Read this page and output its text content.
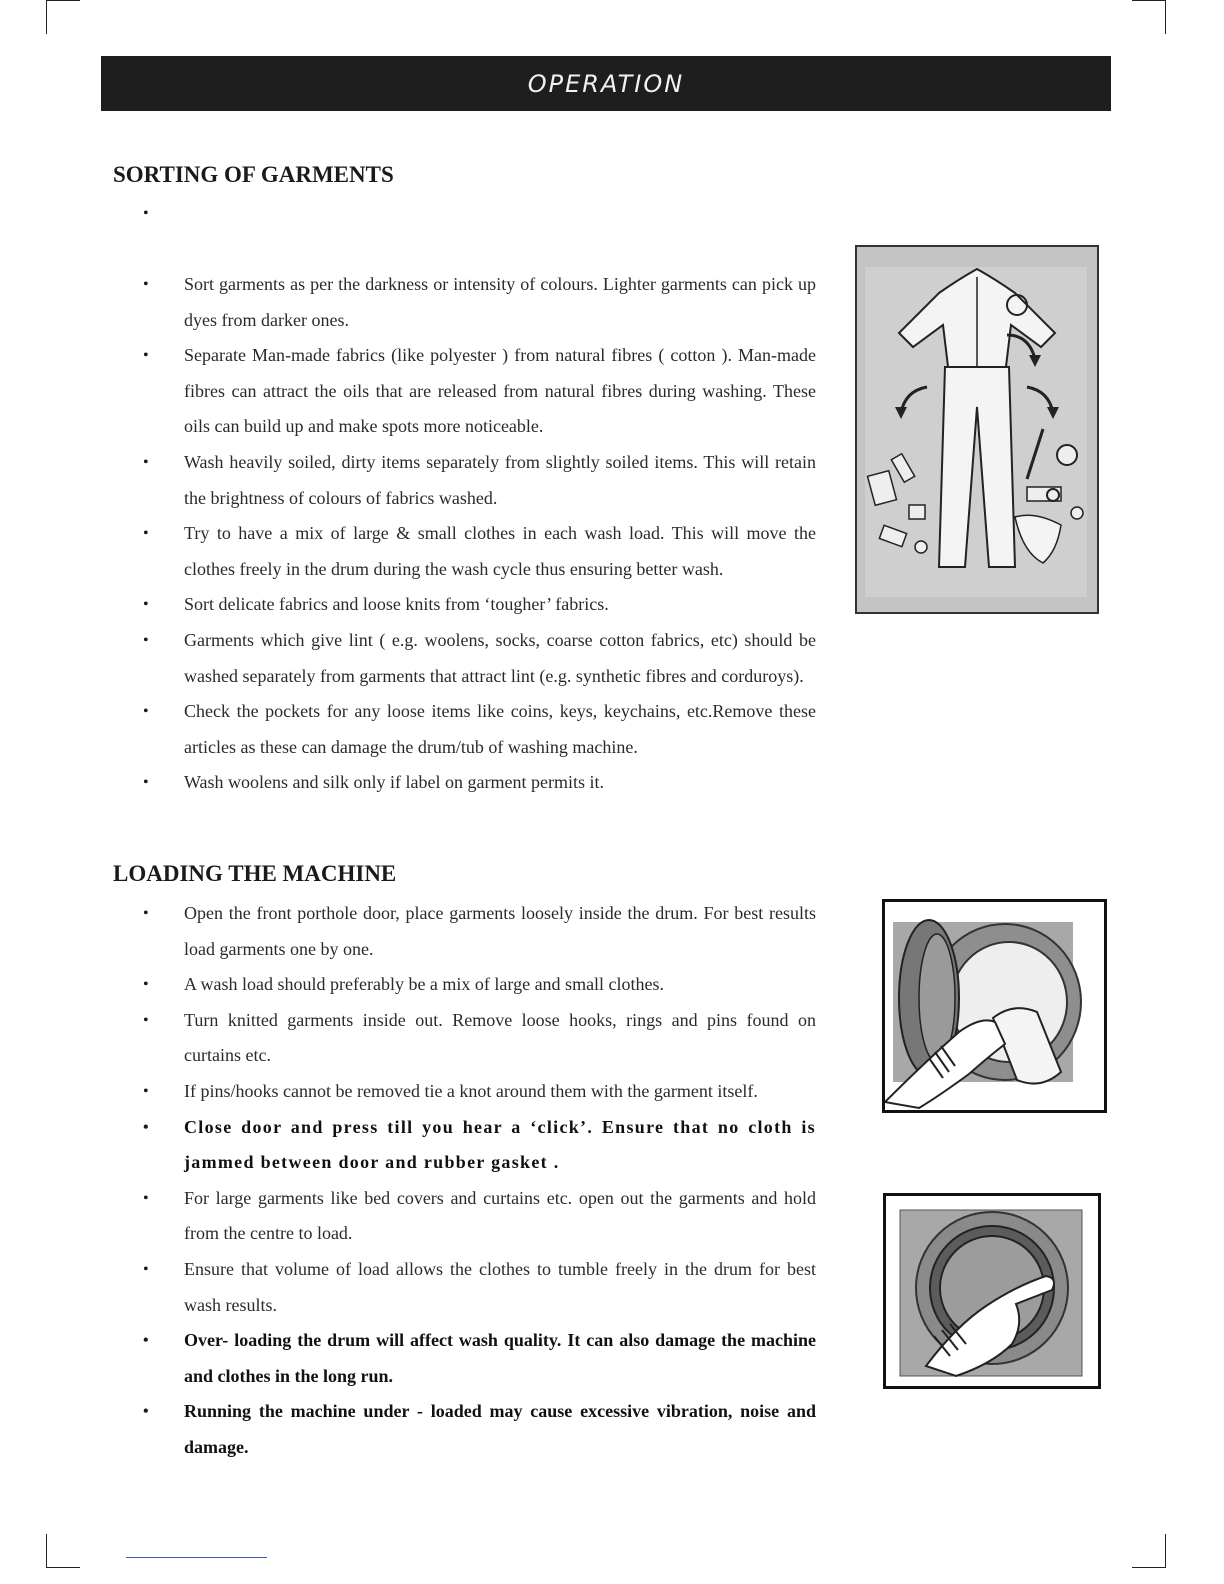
OPERATION
SORTING OF GARMENTS
•
• Sort garments as per the darkness or intensity of colours. Lighter garments can pick up dyes from darker ones.
• Separate Man-made fabrics (like polyester ) from natural fibres ( cotton ). Man-made fibres can attract the oils that are released from natural fibres during washing. These oils can build up and make spots more noticeable.
• Wash heavily soiled, dirty items separately from slightly soiled items. This will retain the brightness of colours of fabrics washed.
• Try to have a mix of large & small clothes in each wash load. This will move the clothes freely in the drum during the wash cycle thus ensuring better wash.
• Sort delicate fabrics and loose knits from ‘tougher’ fabrics.
• Garments which give lint ( e.g. woolens, socks, coarse cotton fabrics, etc) should be washed separately from garments that attract lint (e.g. synthetic fibres and corduroys).
• Check the pockets for any loose items like coins, keys, keychains, etc.Remove these articles as these can damage the drum/tub of washing machine.
• Wash woolens and silk only if label on garment permits it.
LOADING THE MACHINE
• Open the front porthole door, place garments loosely inside the drum. For best results load garments one by one.
• A wash load should preferably be a mix of large and small clothes.
• Turn knitted garments inside out. Remove loose hooks, rings and pins found on curtains etc.
• If pins/hooks cannot be removed tie a knot around them with the garment itself.
• Close door and press till you hear a ‘click’. Ensure that no cloth is jammed between door and rubber gasket .
• For large garments like bed covers and curtains etc. open out the garments and hold from the centre to load.
• Ensure that volume of load allows the clothes to tumble freely in the drum for best wash results.
• Over- loading the drum will affect wash quality. It can also damage the machine and clothes in the long run.
• Running the machine under - loaded may cause excessive vibration, noise and damage.
